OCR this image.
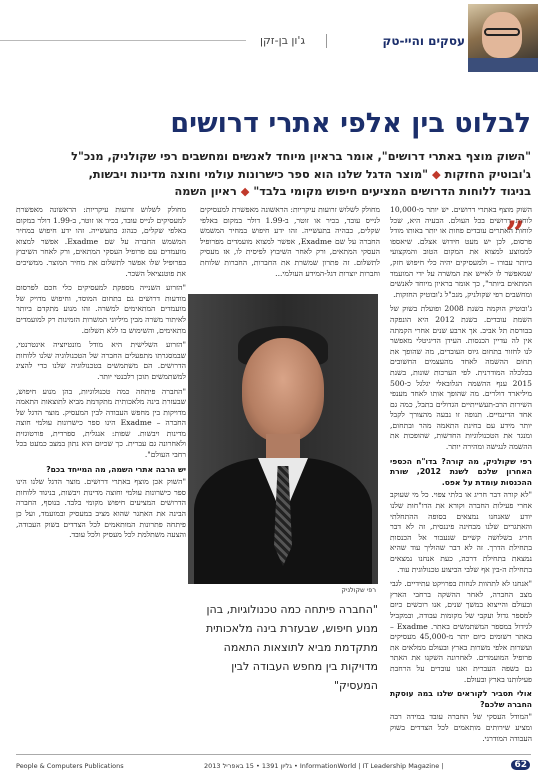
עסקים והיי-טק
ג'ון בן-זקן
לבלוט בין אלפי אתרי דרושים
"השוק מוצף באתרי דרושים", אומר בראיון מיוחד לאנשים ומחשבים רפי שקולניק, מנכ"ל
ג'ובוטיק החזקות ◆ "מוצר הדגל שלנו הוא ספר כישרונות עולמי וחוצה מדינות ויבשות,
בניגוד ללוחות הדרושים המציעים חיפוש מקומי בלבד" ◆ ראיון השמה
„

השוק מוצף באתרי דרושים. יש יותר מ-10,000 לוחות דרושים בכל העולם. הבעיה היא, שכל לוחות האתרים עובדים פחות או יותר באותו מודל פרסום, לכן יש מעט חידוש אצלם. שיאספו לממוצע למצוא את המקום הטוב והמקצועי ביותר עבורו – ולמעסיקים יהיה כלי חיפוש חזק, שמאפשר לו לאייש את המשרה על ידי המועמד המתאים ביותר", כך אומר בראיון מיוחד לאנשים ומחשבים רפי שקולניק, מנכ"ל ג'ובוטיק החזקות.

ג'ובוטיק הוקמה בשנת 2008 ופועלת בשוק של השמת עובדים. בשנת 2012 היא הונפקה בבורסת תל אביב. אך ארבע שנים אחרי הקמתה אין לה עדיין הכנסות. העידן הדיגיטלי מאפשר לנו לחזור בתחום גיוס העובדים, מה שהופך את תחום ההשמה לאחד מהעצמים החשובים בכלכלה המודרנית. לפי הערכות שונות, בשנת 2015 ענף ההשמה הגלובאלי יגלגל כ-500 מיליארד דולרים. מה שהופך אותו לאחד מענפי השירות הרב-תעשייתיים הגדולים בתבל, כמה גם אחד הדינמיים. תנופה זו נבעה מהצורך לקבל יותר מידע עם בחינת התאמה מהר ובתחום, ומנגד את הטכנולוגיות החדשות, שהופכות את ההשמה לנגישה ומהירה יותר.

רפי שקולניק, מה קורה? בדו"ח הכספי האחרון שלכם לשנת 2012, שורת ההכנסות עומדת על אפס.

"לא קורה דבר חריג או בלתי צפוי. כל מי שעוקב אחרי פעילות החברה וקורא את הדו"חות שלנו יודע שאנחנו נמצאים בסופה ההתחלתי והאתגרים שלנו מבחינה פיננסית, זה לא דבר חריג בשלושה קשיים שנעבור אל הכנסות בתחילת הדרך. זה לא דבר שהוליך עוד שהיא נמצאת בתחילת דרכה, כעת אנחנו נמצאים בתחילת ה-בין אף שלבי הביצוע טכנולוגית עוד.

"אנחנו לא לתהוות לנחות בפרויקט עתידיים. לגבי מצב החברה, לאחר ההשקה ברחבי הארץ ובעולם והייצוא במשך שנים, אנו רוכשים כיום למספר גדול ועקבי של מקומות עבודה, ובמקביל לגידול במספר המשתמשים באתר. Exadme – באתר רשומים כיום יותר מ-45,000 מעסיקים ועשרות אלפי משרות בארץ ובעולם ממלאים את פרופיל המועמדים. לאחרונה השקנו את האתר גם בשפה העברית ואנו עובדים על הרחבת פעילותנו בארץ ובעולם.

אולי תסביר לקוראים שלנו במה עוסקת החברה שלכם?

"המודל העסקי של החברה עובד במידה רבה ומציע שירותים מותאמים לכל הצדדים בשוק העבודה המודרני.

מחולק לשלוש זרועות עיקריות: הראשונה מאפשרת למעסיקים לנייס עובד, בכיר או זוטר, ב-1.99 דולר במקום באלפי שקלים, כנהוג בתעשייה. זהו ידע חיפוש במחיר המשמש החברה על שם Exadme. אפשר למצוא מועמדים עם פרופיל העסקי המתאים, ורק לאחר השיבוץ בפרופיל שלו אפשר לתשלום את מחיר המוצר. ממשיכים את פוטנציאל השכר.

"הזרוע השנייה מספקת למעסיקים כלי חכם לפרסום מודעות דרושים גם בתחום המוסד, וחיפוש מדויק של מועמדים המתאימים למשרה. זהו מנוע מתקדם ביותר לאיתור משרה מבין מיליוני המשרות הזמינות רק למועמדים מתאימים, והשימוש בו ללא תשלום.

"הזרוע השלישית היא מודל מונטיזציה אינטרנטי, שבמסגרתו מתפעלים החברה של הטכנולוגיה שלנו ללוחות הדרושים. הם משתמשים בטכנולוגיה שלנו כדי להציג למשתמשים תוכן רלבנטי יותר.

"החברה פיתחה כמה טכנולוגיות, בהן מנוע חיפוש, שבעזרת בינה מלאכותית מתקדמת מביא לתוצאות התאמה מדויקות בין מחפש העבודה לבין המעסיק. מוצר הדגל של החברה – Exadme הינו ספר כישרונות עולמי חוצה מדינות ויבשות. שפות: אנגלית, ספרדית, פורטוגזית ולאחרונה גם עברית. כך שכיום הוא נתון במצב כמעט בכל רחבי העולם".

יש הרבה אתרי השמה, מה המייחד בכם?

"השוק אכן מוצף באתרי דרושים. מוצר הדגל שלנו הינו ספר כישרונות עולמי וחוצה מדינות ויבשות, בניגוד ללוחות הדרושים המציעים חיפוש מקומי בלבד. בנוסף, החברה הבינה את האתגר שהוא מציב במעסיק ובמועמד, ועל כן פיתחה פתרונות המותאמים לכל הצדדים בשוק העבודה, והצעה משתלמת לכל מעסיק ולכל עובד.

מחולק לשלוש זרועות עיקריות: הראשונה מאפשרת למעסיקים לנייס עובד, בכיר או זוטר, ב-1.99 דולר במקום באלפי שקלים, כבהיה בתעשייה. זהו ידע חיפוש במחיר המשמש החברה על שם Exadme, אפשר למצוא מועמדים מפרופיל העסקי המתאים, ורק לאחר השיבוץ לפיסית לו, אז מעסיק לתשלום. זה פתרון שמשרת את החברות, החברות שלוחת וחברות יוצרות דגל-המידע העולמי...

רפי שקולניק
"החברה פיתחה כמה טכנולוגיות, בהן מנוע חיפוש, שבעזרת בינה מלאכותית מתקדמת מביא לתוצאות התאמה מדויקות בין מחפש העבודה לבין המעסיק"
People & Computers Publications	גליון 1391 • 15 באפריל 2013 • InformationWorld | IT Leadership Magazine |	62
